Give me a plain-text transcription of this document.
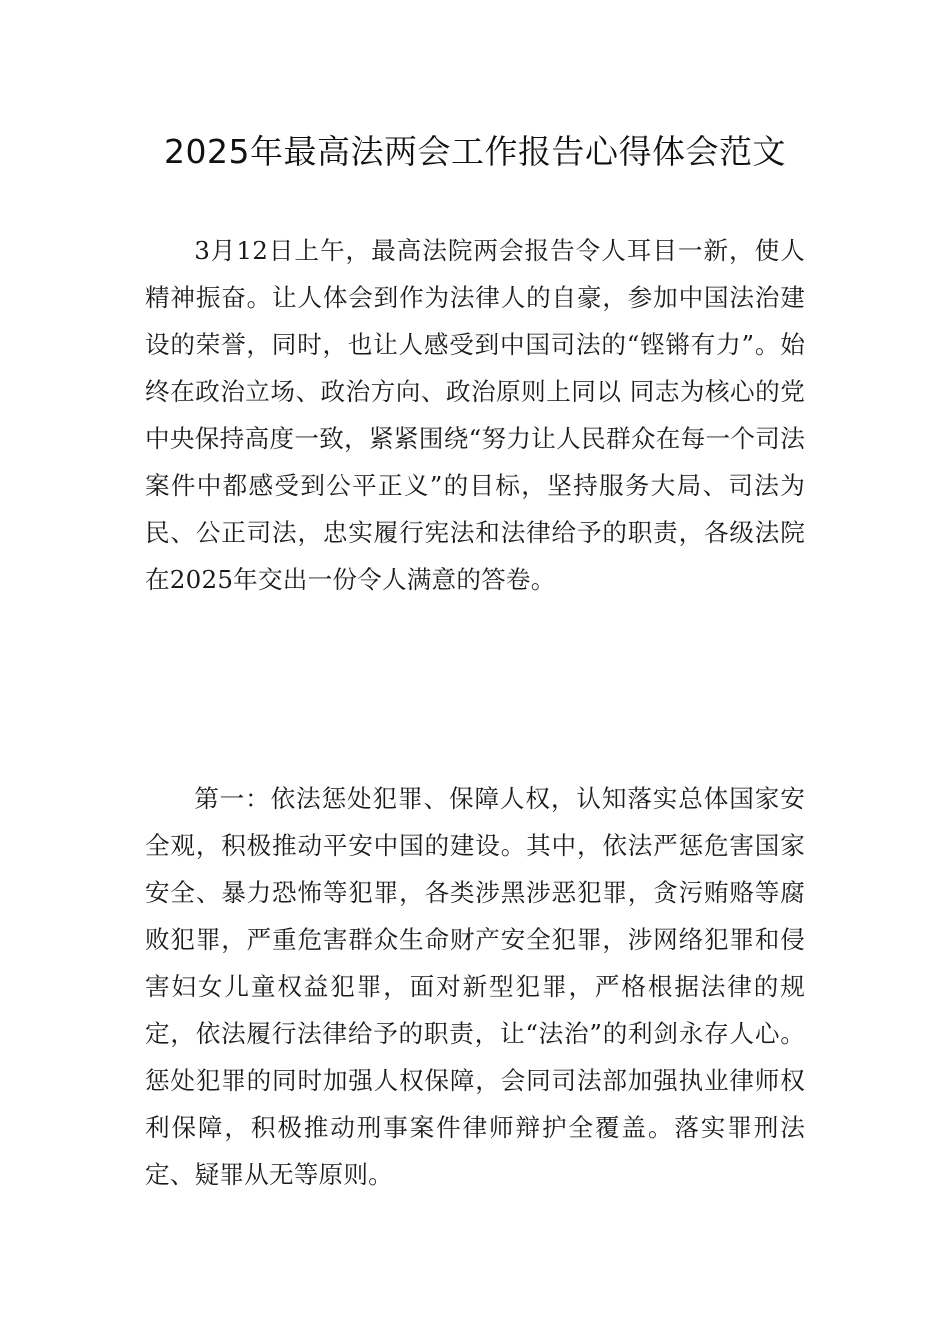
2025年最高法两会工作报告心得体会范文

3月12日上午，最高法院两会报告令人耳目一新，使人精神振奋。让人体会到作为法律人的自豪，参加中国法治建设的荣誉，同时，也让人感受到中国司法的“铿锵有力”。始终在政治立场、政治方向、政治原则上同以 同志为核心的党中央保持高度一致，紧紧围绕“努力让人民群众在每一个司法案件中都感受到公平正义”的目标，坚持服务大局、司法为民、公正司法，忠实履行宪法和法律给予的职责，各级法院在2025年交出一份令人满意的答卷。

第一：依法惩处犯罪、保障人权，认知落实总体国家安全观，积极推动平安中国的建设。其中，依法严惩危害国家安全、暴力恐怖等犯罪，各类涉黑涉恶犯罪，贪污贿赂等腐败犯罪，严重危害群众生命财产安全犯罪，涉网络犯罪和侵害妇女儿童权益犯罪，面对新型犯罪，严格根据法律的规定，依法履行法律给予的职责，让“法治”的利剑永存人心。惩处犯罪的同时加强人权保障，会同司法部加强执业律师权利保障，积极推动刑事案件律师辩护全覆盖。落实罪刑法定、疑罪从无等原则。
